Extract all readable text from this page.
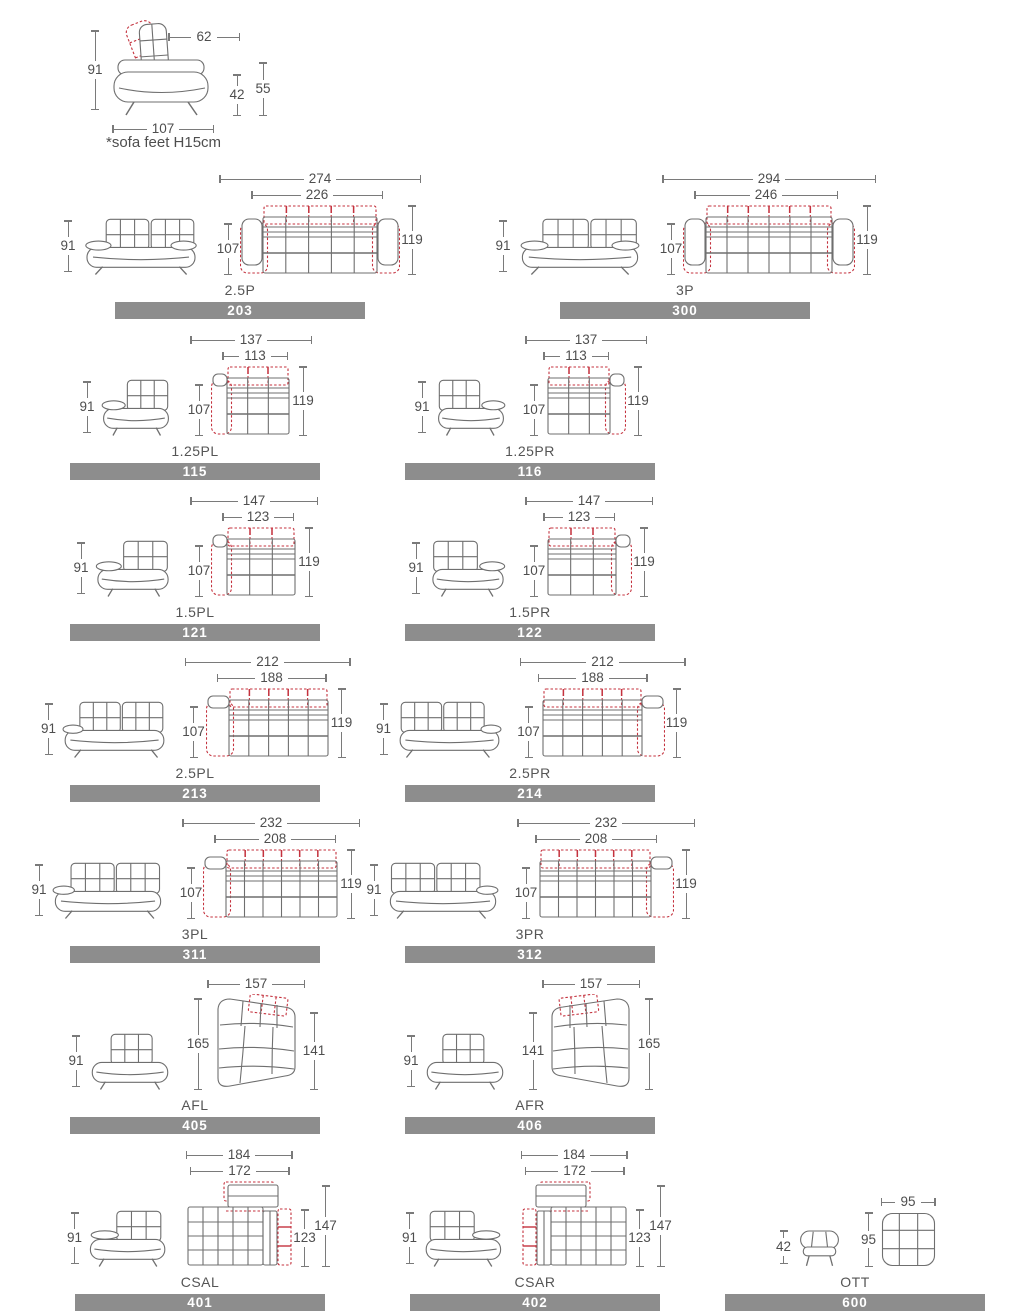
91
62
42 55
107
*sofa feet H15cm
91
274
226
107
119
2.5P
203
91
294
246
107
119
3P
300
91
137
113
107
119
1.25PL
115
91
137
113
107
119
1.25PR
116
91
147
123
107
119
1.5PL
121
91
147
123
107
119
1.5PR
122
91
212
188
107
119
2.5PL
213
91
212
188
107
119
2.5PR
214
91
232
208
107
119
3PL
311
91
232
208
107
119
3PR
312
91
157
165	141
AFL
405
91
157
141	165
AFR
406
91
184
172
123
147
CSAL
401
91
184
172
123
147
CSAR
402
42
95
95
OTT
600
